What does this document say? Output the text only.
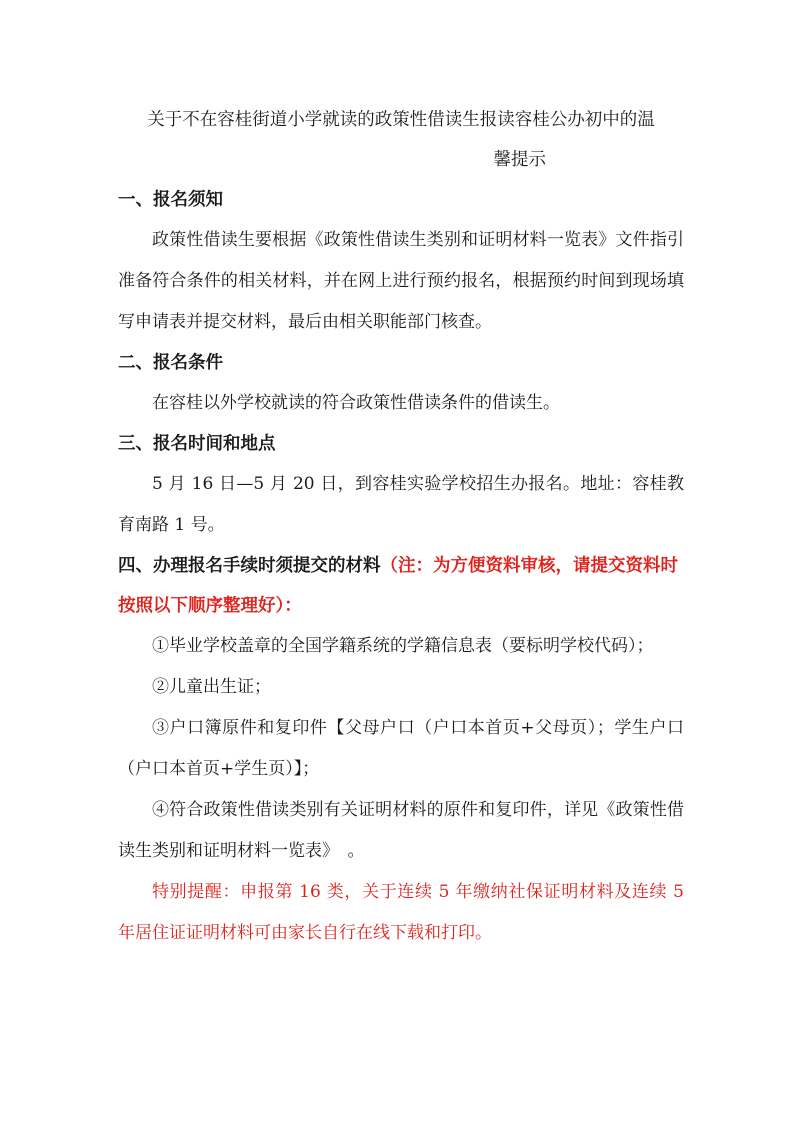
关于不在容桂街道小学就读的政策性借读生报读容桂公办初中的温
馨提示
一、报名须知

政策性借读生要根据《政策性借读生类别和证明材料一览表》文件指引准备符合条件的相关材料，并在网上进行预约报名，根据预约时间到现场填写申请表并提交材料，最后由相关职能部门核查。

二、报名条件

在容桂以外学校就读的符合政策性借读条件的借读生。

三、报名时间和地点

5 月 16 日—5 月 20 日，到容桂实验学校招生办报名。地址：容桂教育南路 1 号。

四、办理报名手续时须提交的材料（注：为方便资料审核，请提交资料时按照以下顺序整理好）：

①毕业学校盖章的全国学籍系统的学籍信息表（要标明学校代码）；

②儿童出生证；

③户口簿原件和复印件【父母户口（户口本首页+父母页）；学生户口（户口本首页+学生页）】；

④符合政策性借读类别有关证明材料的原件和复印件，详见《政策性借读生类别和证明材料一览表》　。

特别提醒：申报第 16 类，关于连续 5 年缴纳社保证明材料及连续 5 年居住证证明材料可由家长自行在线下载和打印。
